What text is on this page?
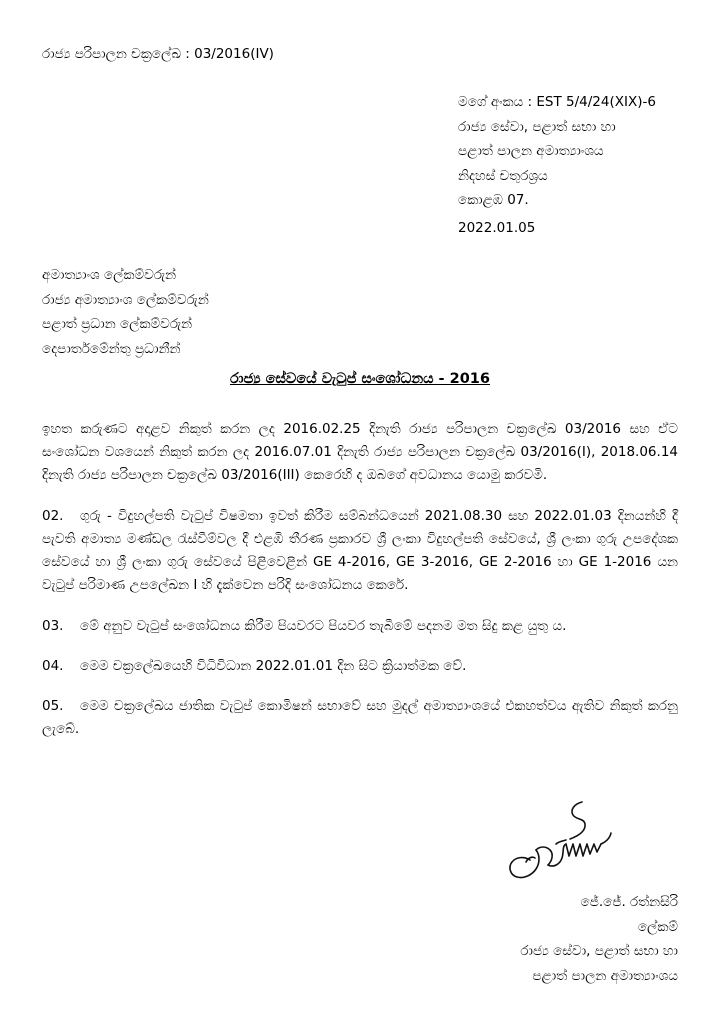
රාජ්‍ය පරිපාලන චක්‍රලේඛ : 03/2016(IV)
මගේ අංකය : EST 5/4/24(XIX)-6
රාජ්‍ය සේවා, පළාත් සභා හා
පළාත් පාලන අමාත්‍යාංශය
නිදහස් චතුරශ්‍රය
කොළඹ 07.
2022.01.05
අමාත්‍යාංශ ලේකම්වරුන්
රාජ්‍ය අමාත්‍යාංශ ලේකම්වරුන්
පළාත් ප්‍රධාන ලේකම්වරුන්
දෙපාර්තමේන්තු ප්‍රධානීන්
රාජ්‍ය සේවයේ වැටුප් සංශෝධනය - 2016

ඉහත කරුණට අදාළව නිකුත් කරන ලද 2016.02.25 දිනැති රාජ්‍ය පරිපාලන චක්‍රලේඛ 03/2016 සහ ඒට සංශෝධන වශයෙන් නිකුත් කරන ලද 2016.07.01 දිනැති රාජ්‍ය පරිපාලන චක්‍රලේඛ 03/2016(I), 2018.06.14 දිනැති රාජ්‍ය පරිපාලන චක්‍රලේඛ 03/2016(III) කෙරෙහි ද ඔබගේ අවධානය යොමු කරවමි.

02. ගුරු - විදුහල්පති වැටුප් විෂමතා ඉවත් කිරීම සම්බන්ධයෙන් 2021.08.30 සහ 2022.01.03 දිනයන්හි දී පැවති අමාත්‍ය මණ්ඩල රැස්වීම්වල දී එළඹි තීරණ ප්‍රකාරව ශ්‍රී ලංකා විදුහල්පති සේවයේ, ශ්‍රී ලංකා ගුරු උපදේශක සේවයේ හා ශ්‍රී ලංකා ගුරු සේවයේ පිළිවෙළින් GE 4-2016, GE 3-2016, GE 2-2016 හා GE 1-2016 යන වැටුප් පරිමාණ උපලේඛන I හි දැක්වෙන පරිදි සංශෝධනය කෙරේ.

03. මේ අනුව වැටුප් සංශෝධනය කිරීම පියවරට පියවර තැබීමේ පදනම මත සිදු කළ යුතු ය.

04. මෙම චක්‍රලේඛයෙහි විධිවිධාන 2022.01.01 දින සිට ක්‍රියාත්මක වේ.

05. මෙම චක්‍රලේඛය ජාතික වැටුප් කොමිෂන් සභාවේ සහ මුදල් අමාත්‍යාංශයේ එකහත්වය ඇතිව නිකුත් කරනු ලැබේ.

ජේ.ජේ. රත්නසිරි
ලේකම්
රාජ්‍ය සේවා, පළාත් සභා හා
පළාත් පාලන අමාත්‍යාංශය
